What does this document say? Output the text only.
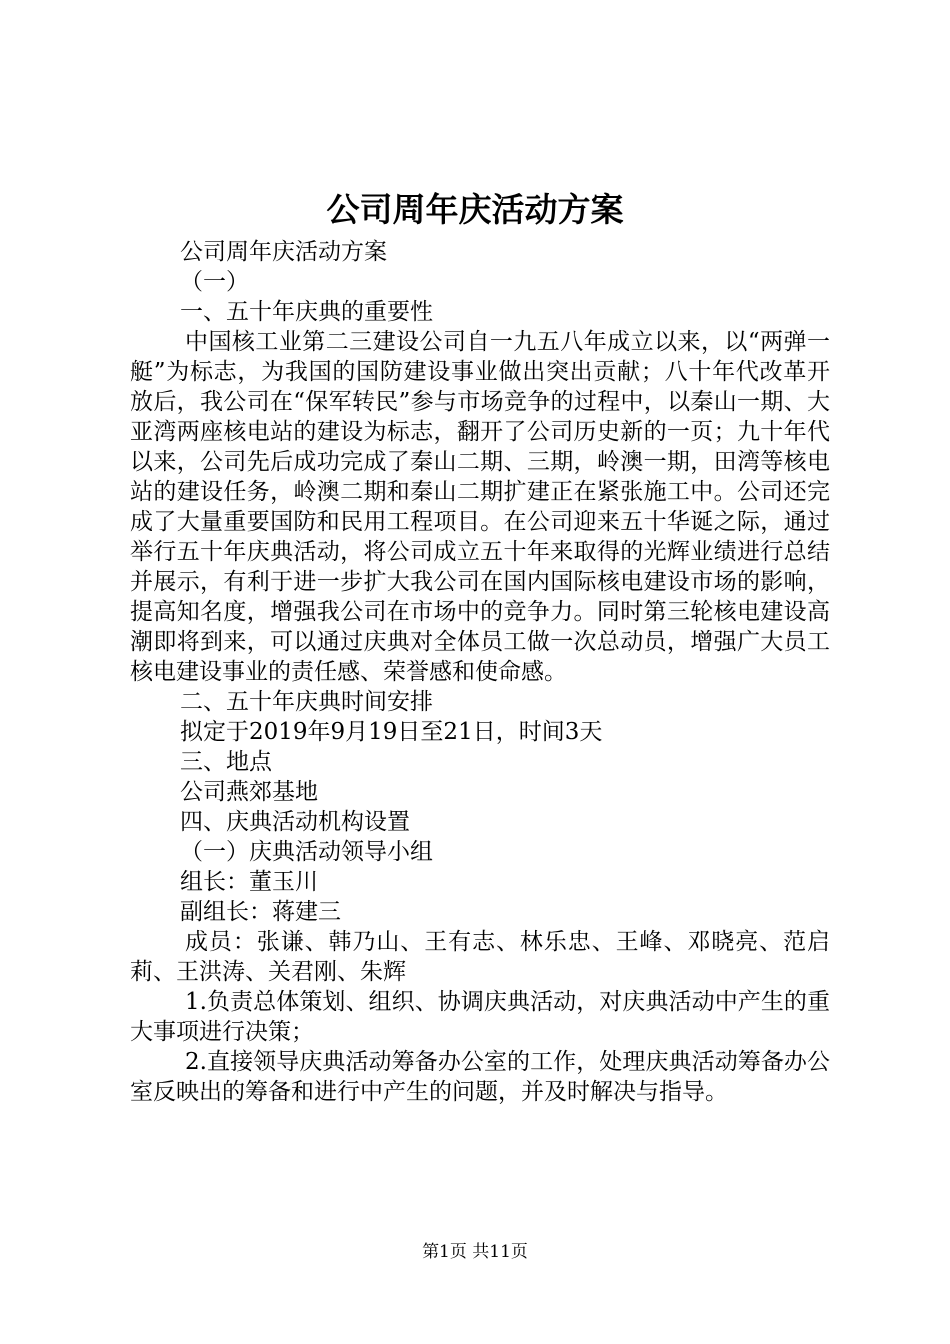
公司周年庆活动方案

公司周年庆活动方案

（一）

一、五十年庆典的重要性

中国核工业第二三建设公司自一九五八年成立以来，以“两弹一艇”为标志，为我国的国防建设事业做出突出贡献；八十年代改革开放后，我公司在“保军转民”参与市场竞争的过程中，以秦山一期、大亚湾两座核电站的建设为标志，翻开了公司历史新的一页；九十年代以来，公司先后成功完成了秦山二期、三期，岭澳一期，田湾等核电站的建设任务，岭澳二期和秦山二期扩建正在紧张施工中。公司还完成了大量重要国防和民用工程项目。在公司迎来五十华诞之际，通过举行五十年庆典活动，将公司成立五十年来取得的光辉业绩进行总结并展示，有利于进一步扩大我公司在国内国际核电建设市场的影响，提高知名度，增强我公司在市场中的竞争力。同时第三轮核电建设高潮即将到来，可以通过庆典对全体员工做一次总动员，增强广大员工核电建设事业的责任感、荣誉感和使命感。

二、五十年庆典时间安排

拟定于2019年9月19日至21日，时间3天

三、地点

公司燕郊基地

四、庆典活动机构设置

（一）庆典活动领导小组

组长：董玉川

副组长：蒋建三

成员：张谦、韩乃山、王有志、林乐忠、王峰、邓晓亮、范启莉、王洪涛、关君刚、朱辉

1.负责总体策划、组织、协调庆典活动，对庆典活动中产生的重大事项进行决策；

2.直接领导庆典活动筹备办公室的工作，处理庆典活动筹备办公室反映出的筹备和进行中产生的问题，并及时解决与指导。

第1页 共11页
